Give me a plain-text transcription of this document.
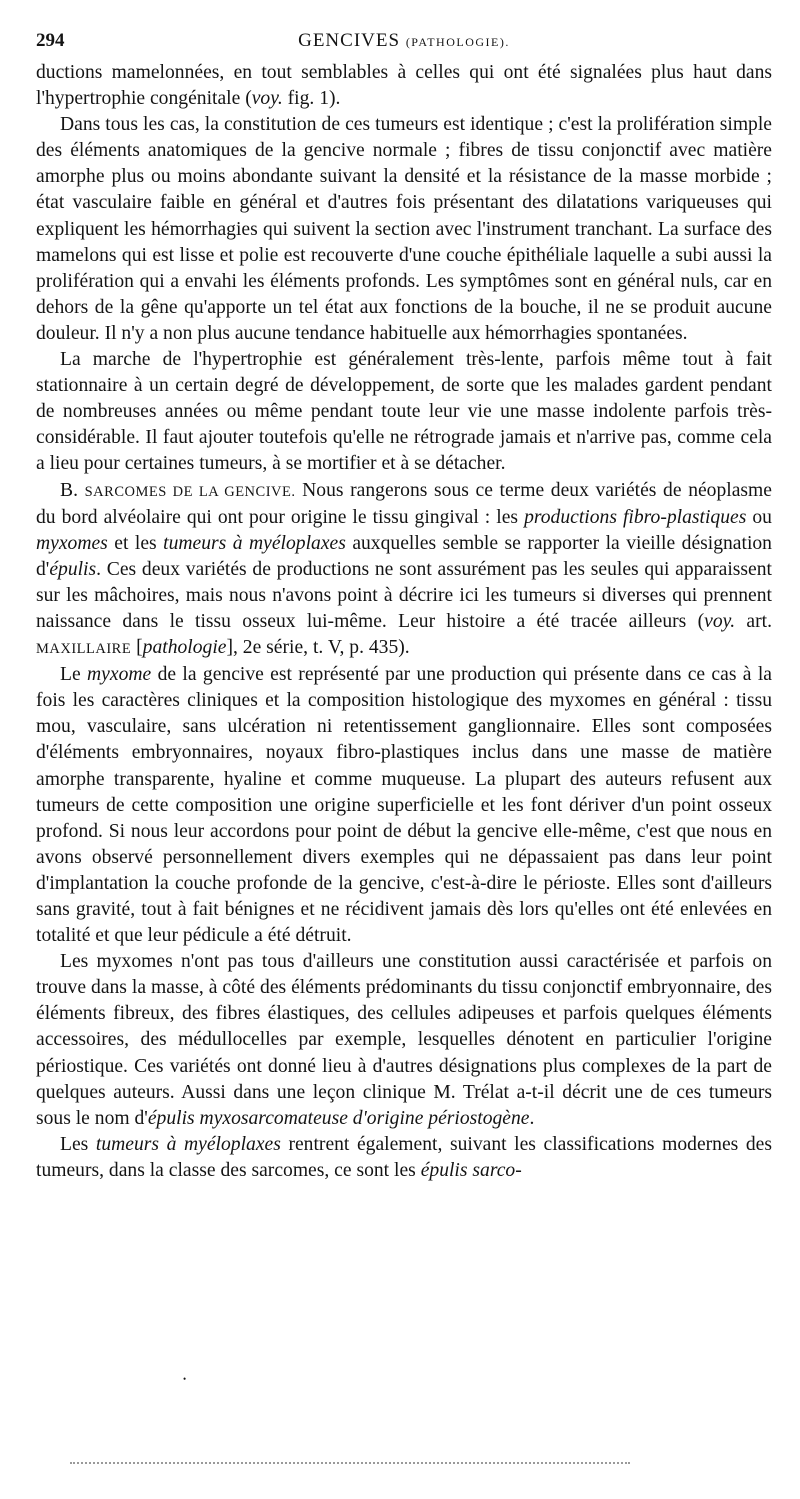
294	GENCIVES (PATHOLOGIE).

ductions mamelonnées, en tout semblables à celles qui ont été signalées plus haut dans l'hypertrophie congénitale (voy. fig. 1).

Dans tous les cas, la constitution de ces tumeurs est identique ; c'est la prolifération simple des éléments anatomiques de la gencive normale ; fibres de tissu conjonctif avec matière amorphe plus ou moins abondante suivant la densité et la résistance de la masse morbide ; état vasculaire faible en général et d'autres fois présentant des dilatations variqueuses qui expliquent les hémorrhagies qui suivent la section avec l'instrument tranchant. La surface des mamelons qui est lisse et polie est recouverte d'une couche épithéliale laquelle a subi aussi la prolifération qui a envahi les éléments profonds. Les symptômes sont en général nuls, car en dehors de la gêne qu'apporte un tel état aux fonctions de la bouche, il ne se produit aucune douleur. Il n'y a non plus aucune tendance habituelle aux hémorrhagies spontanées.

La marche de l'hypertrophie est généralement très-lente, parfois même tout à fait stationnaire à un certain degré de développement, de sorte que les malades gardent pendant de nombreuses années ou même pendant toute leur vie une masse indolente parfois très-considérable. Il faut ajouter toutefois qu'elle ne rétrograde jamais et n'arrive pas, comme cela a lieu pour certaines tumeurs, à se mortifier et à se détacher.

B. SARCOMES DE LA GENCIVE. Nous rangerons sous ce terme deux variétés de néoplasme du bord alvéolaire qui ont pour origine le tissu gingival : les productions fibro-plastiques ou myxomes et les tumeurs à myéloplaxes auxquelles semble se rapporter la vieille désignation d'épulis. Ces deux variétés de productions ne sont assurément pas les seules qui apparaissent sur les mâchoires, mais nous n'avons point à décrire ici les tumeurs si diverses qui prennent naissance dans le tissu osseux lui-même. Leur histoire a été tracée ailleurs (voy. art. MAXILLAIRE [pathologie], 2e série, t. V, p. 435).

Le myxome de la gencive est représenté par une production qui présente dans ce cas à la fois les caractères cliniques et la composition histologique des myxomes en général : tissu mou, vasculaire, sans ulcération ni retentissement ganglionnaire. Elles sont composées d'éléments embryonnaires, noyaux fibro-plastiques inclus dans une masse de matière amorphe transparente, hyaline et comme muqueuse. La plupart des auteurs refusent aux tumeurs de cette composition une origine superficielle et les font dériver d'un point osseux profond. Si nous leur accordons pour point de début la gencive elle-même, c'est que nous en avons observé personnellement divers exemples qui ne dépassaient pas dans leur point d'implantation la couche profonde de la gencive, c'est-à-dire le périoste. Elles sont d'ailleurs sans gravité, tout à fait bénignes et ne récidivent jamais dès lors qu'elles ont été enlevées en totalité et que leur pédicule a été détruit.

Les myxomes n'ont pas tous d'ailleurs une constitution aussi caractérisée et parfois on trouve dans la masse, à côté des éléments prédominants du tissu conjonctif embryonnaire, des éléments fibreux, des fibres élastiques, des cellules adipeuses et parfois quelques éléments accessoires, des médullocelles par exemple, lesquelles dénotent en particulier l'origine périostique. Ces variétés ont donné lieu à d'autres désignations plus complexes de la part de quelques auteurs. Aussi dans une leçon clinique M. Trélat a-t-il décrit une de ces tumeurs sous le nom d'épulis myxosarcomateuse d'origine périostogène.

Les tumeurs à myéloplaxes rentrent également, suivant les classifications modernes des tumeurs, dans la classe des sarcomes, ce sont les épulis sarco-

•
